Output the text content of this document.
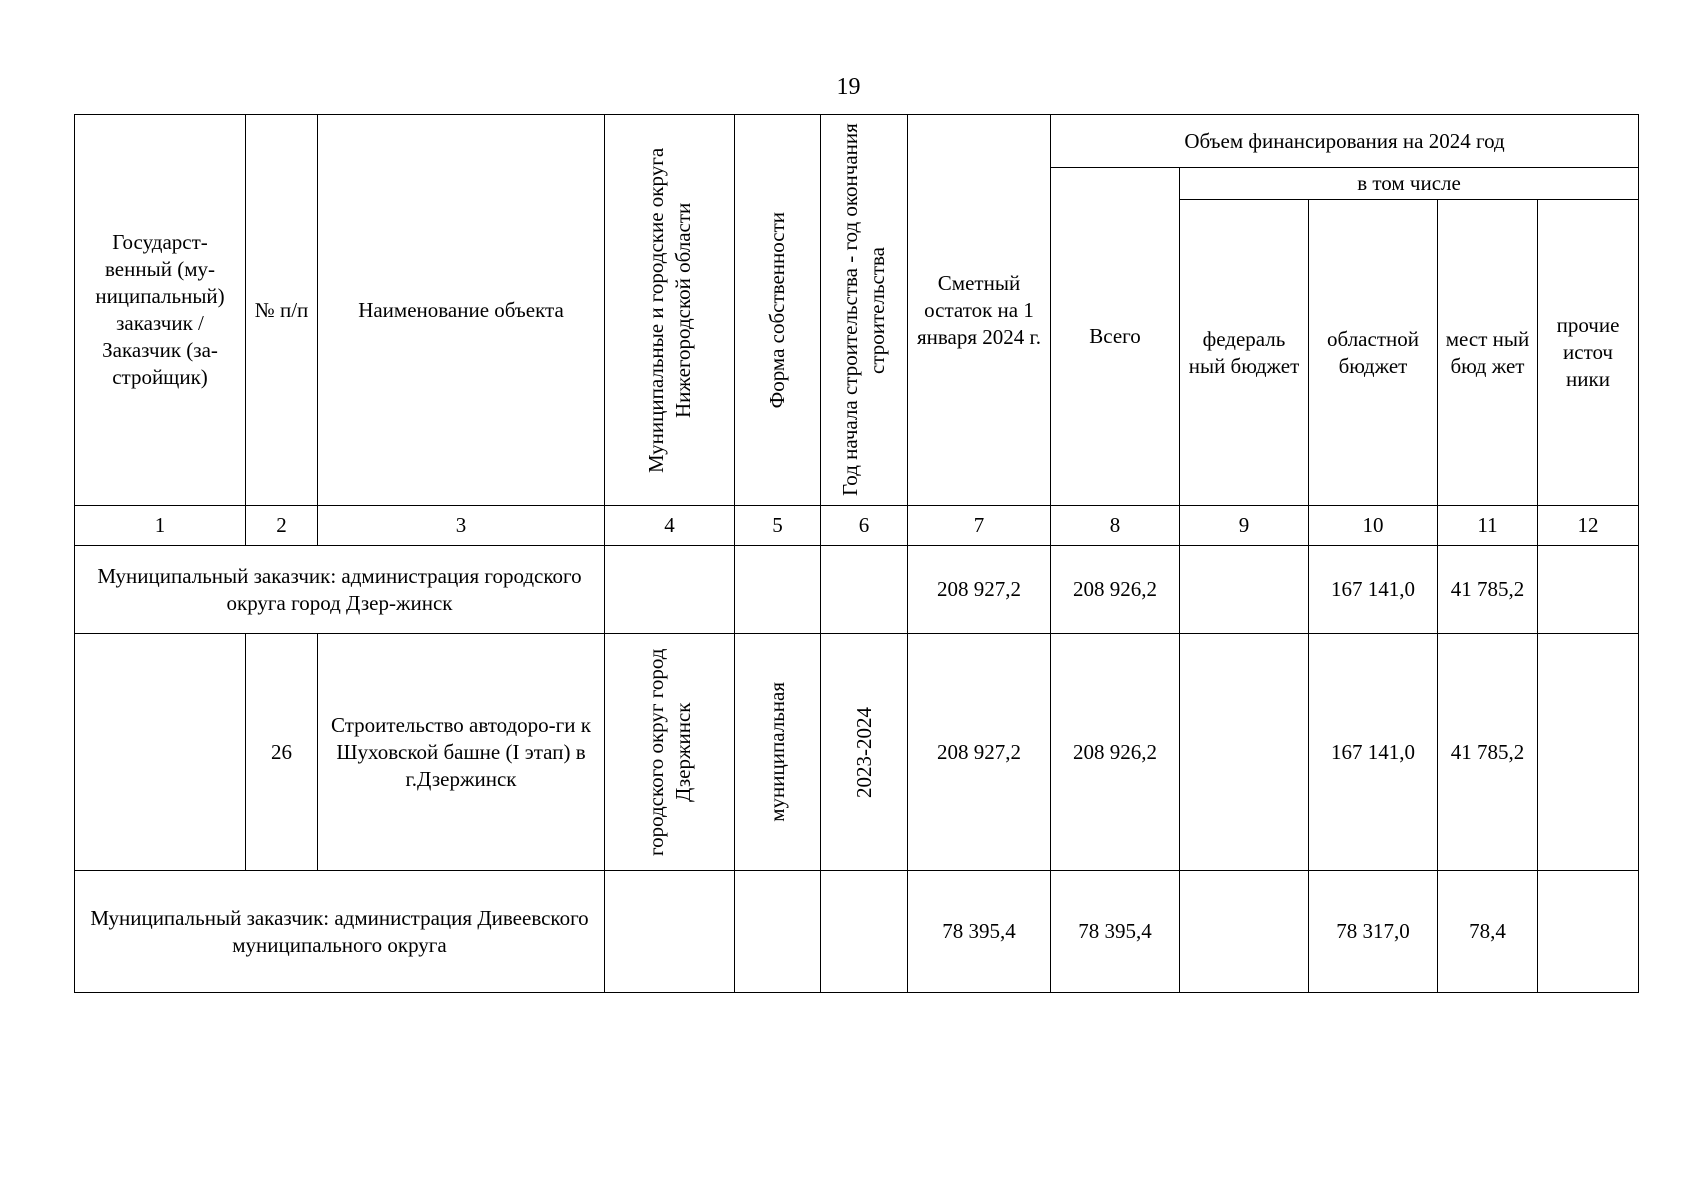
19
Государст-венный (му-ниципальный) заказчик / Заказчик (за-стройщик)	№ п/п	Наименование объекта	Муниципальные и городские округа Нижегородской области	Форма собственности	Год начала строительства - год окончания строительства	Сметный остаток на 1 января 2024 г.	Объем финансирования на 2024 год				
							Всего	в том числе			
								федераль ный бюджет	областной бюджет	мест ный бюд жет	прочие источ ники
1	2	3	4	5	6	7	8	9	10	11	12
Муниципальный заказчик: администрация городского округа город Дзер-жинск						208 927,2	208 926,2		167 141,0	41 785,2	
	26	Строительство автодоро-ги к Шуховской башне (I этап) в г.Дзержинск	городского округ город Дзержинск	муниципальная	2023-2024	208 927,2	208 926,2		167 141,0	41 785,2	
Муниципальный заказчик: администрация Дивеевского муниципального округа						78 395,4	78 395,4		78 317,0	78,4	
